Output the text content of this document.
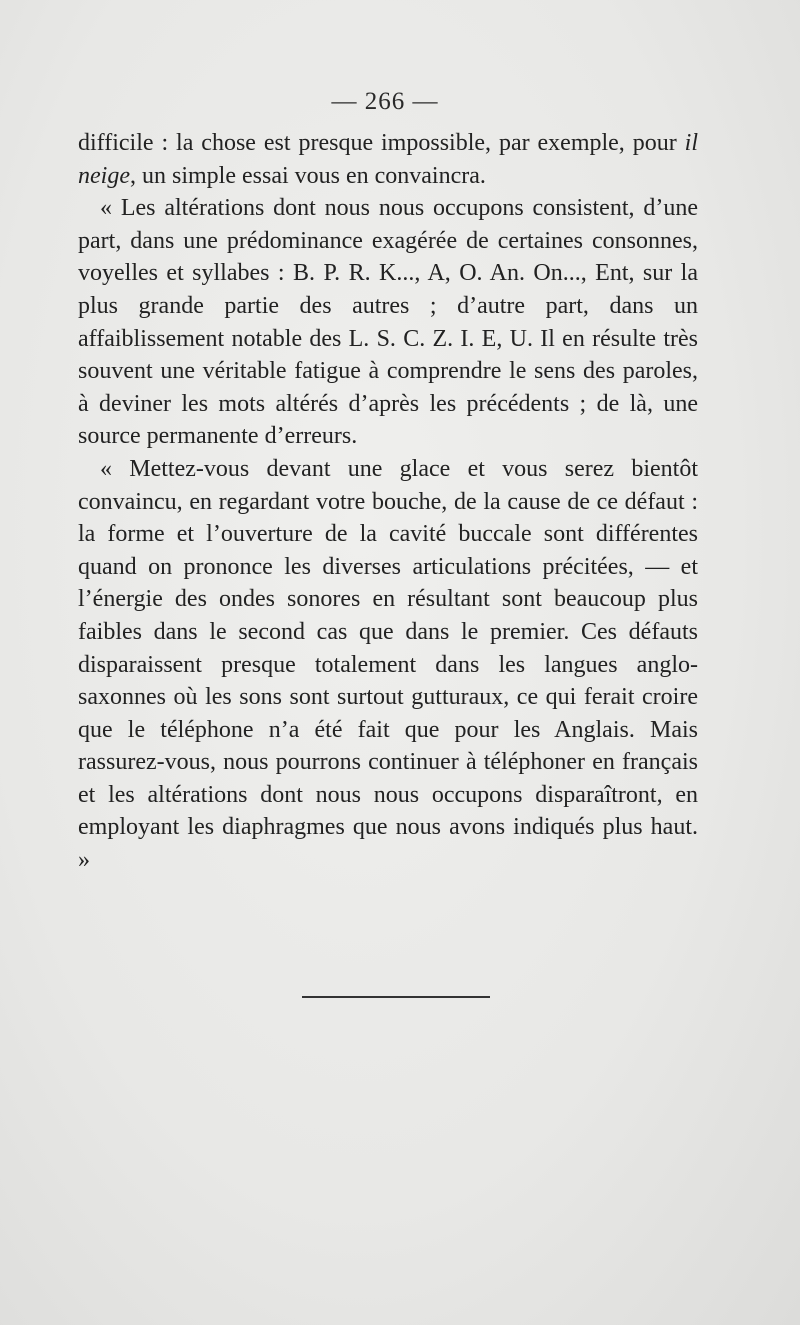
— 266 —

difficile : la chose est presque impossible, par exemple, pour il neige, un simple essai vous en convaincra.

« Les altérations dont nous nous occupons consistent, d’une part, dans une prédominance exagérée de certaines consonnes, voyelles et syllabes : B. P. R. K..., A, O. An. On..., Ent, sur la plus grande partie des autres ; d’autre part, dans un affaiblissement notable des L. S. C. Z. I. E, U. Il en résulte très souvent une véritable fatigue à comprendre le sens des paroles, à deviner les mots altérés d’après les précédents ; de là, une source permanente d’erreurs.

« Mettez-vous devant une glace et vous serez bientôt convaincu, en regardant votre bouche, de la cause de ce défaut : la forme et l’ouverture de la cavité buccale sont différentes quand on prononce les diverses articulations précitées, — et l’énergie des ondes sonores en résultant sont beaucoup plus faibles dans le second cas que dans le premier. Ces défauts disparaissent presque totalement dans les langues anglo-saxonnes où les sons sont surtout gutturaux, ce qui ferait croire que le téléphone n’a été fait que pour les Anglais. Mais rassurez-vous, nous pourrons continuer à téléphoner en français et les altérations dont nous nous occupons disparaîtront, en employant les diaphragmes que nous avons indiqués plus haut. »
